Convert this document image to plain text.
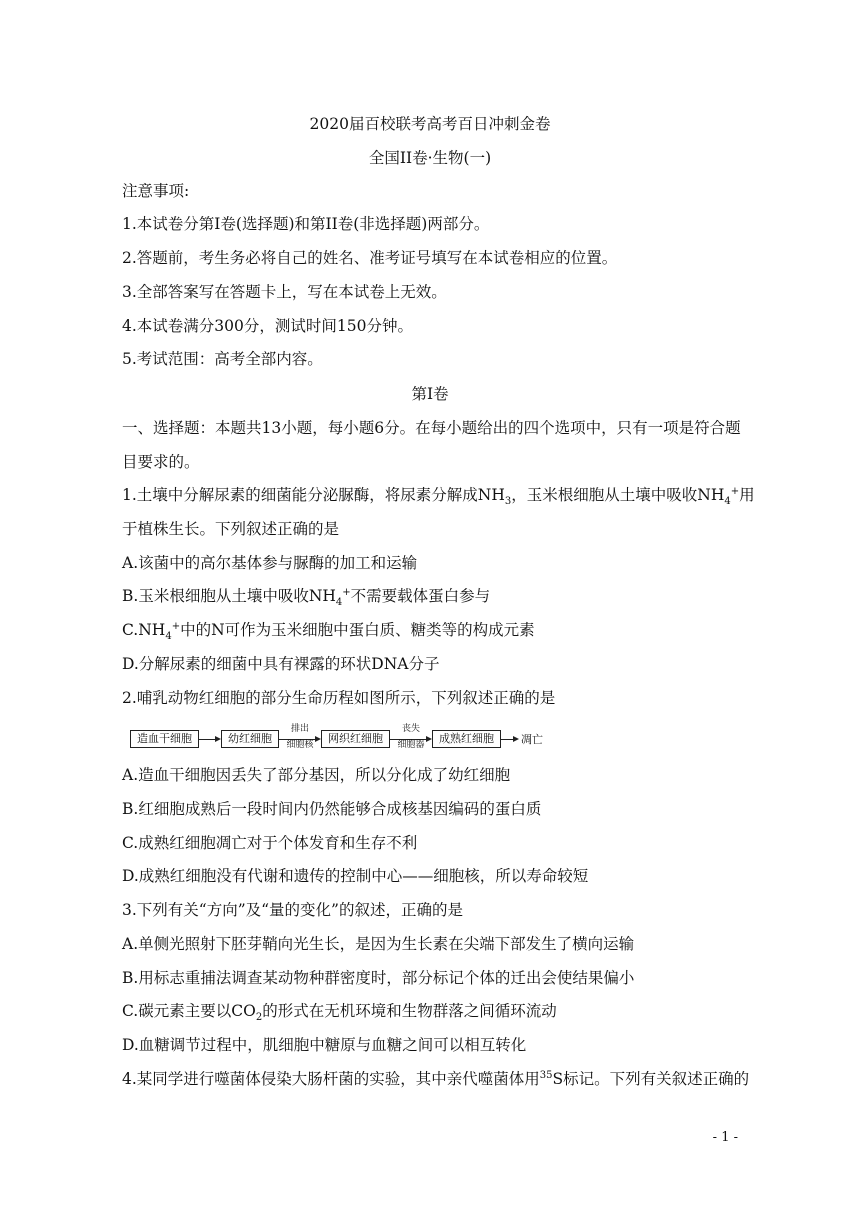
2020届百校联考高考百日冲刺金卷
全国II卷·生物(一)
注意事项:
1.本试卷分第I卷(选择题)和第II卷(非选择题)两部分。
2.答题前，考生务必将自己的姓名、准考证号填写在本试卷相应的位置。
3.全部答案写在答题卡上，写在本试卷上无效。
4.本试卷满分300分，测试时间150分钟。
5.考试范围：高考全部内容。
第I卷
一、选择题：本题共13小题，每小题6分。在每小题给出的四个选项中，只有一项是符合题
目要求的。
1.土壤中分解尿素的细菌能分泌脲酶，将尿素分解成$NH_3$，玉米根细胞从土壤中吸收$NH_4^+$用
于植株生长。下列叙述正确的是
A.该菌中的高尔基体参与脲酶的加工和运输
B.玉米根细胞从土壤中吸收$NH_4^+$不需要载体蛋白参与
$C.NH_4^+$中的N可作为玉米细胞中蛋白质、糖类等的构成元素
D.分解尿素的细菌中具有裸露的环状DNA分子
2.哺乳动物红细胞的部分生命历程如图所示，下列叙述正确的是
造血干细胞	幼红细胞
排出
细胞核	网织红细胞
丧失
细胞器	成熟红细胞	凋亡
A.造血干细胞因丢失了部分基因，所以分化成了幼红细胞
B.红细胞成熟后一段时间内仍然能够合成核基因编码的蛋白质
C.成熟红细胞凋亡对于个体发育和生存不利
D.成熟红细胞没有代谢和遗传的控制中心——细胞核，所以寿命较短
3.下列有关“方向”及“量的变化”的叙述，正确的是
A.单侧光照射下胚芽鞘向光生长，是因为生长素在尖端下部发生了横向运输
B.用标志重捕法调查某动物种群密度时，部分标记个体的迁出会使结果偏小
C.碳元素主要以$CO_2$的形式在无机环境和生物群落之间循环流动
D.血糖调节过程中，肌细胞中糖原与血糖之间可以相互转化
4.某同学进行噬菌体侵染大肠杆菌的实验，其中亲代噬菌体用$^{35}$S标记。下列有关叙述正确的
- 1 -
